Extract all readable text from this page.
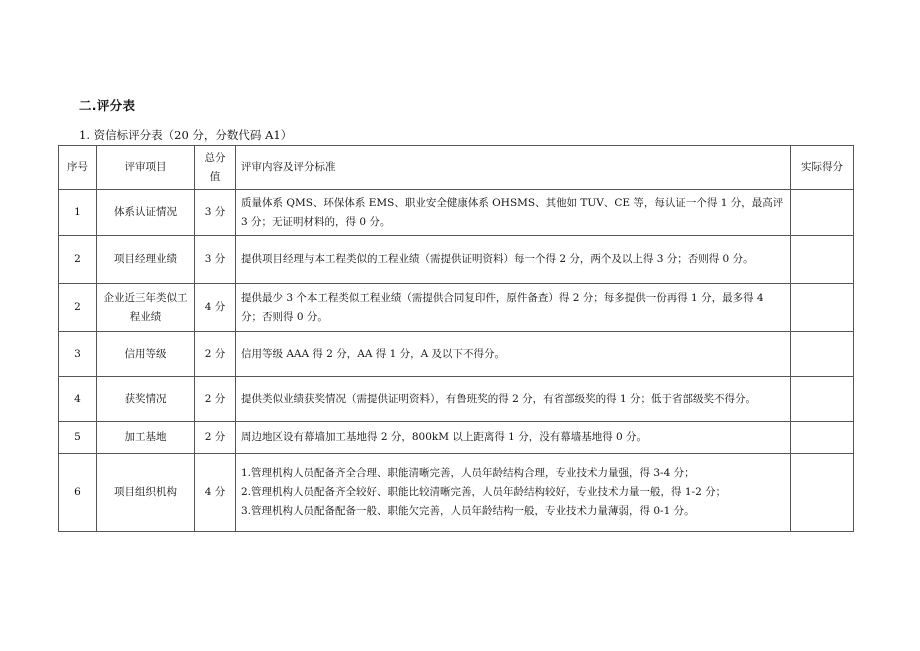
二.评分表
1. 资信标评分表（20 分，分数代码 A1）
序号	评审项目	总分值	评审内容及评分标准	实际得分
1	体系认证情况	3 分	质量体系 QMS、环保体系 EMS、职业安全健康体系 OHSMS、其他如 TUV、CE 等，每认证一个得 1 分，最高评 3 分；无证明材料的，得 0 分。	
2	项目经理业绩	3 分	提供项目经理与本工程类似的工程业绩（需提供证明资料）每一个得 2 分，两个及以上得 3 分；否则得 0 分。	
2	企业近三年类似工程业绩	4 分	提供最少 3 个本工程类似工程业绩（需提供合同复印件，原件备查）得 2 分；每多提供一份再得 1 分，最多得 4 分；否则得 0 分。	
3	信用等级	2 分	信用等级 AAA 得 2 分，AA 得 1 分，A 及以下不得分。	
4	获奖情况	2 分	提供类似业绩获奖情况（需提供证明资料），有鲁班奖的得 2 分，有省部级奖的得 1 分；低于省部级奖不得分。	
5	加工基地	2 分	周边地区设有幕墙加工基地得 2 分，800kM 以上距离得 1 分，没有幕墙基地得 0 分。	
6	项目组织机构	4 分	1.管理机构人员配备齐全合理、职能清晰完善，人员年龄结构合理，专业技术力量强，得 3-4 分；
2.管理机构人员配备齐全较好、职能比较清晰完善，人员年龄结构较好，专业技术力量一般，得 1-2 分；
3.管理机构人员配备配备一般、职能欠完善，人员年龄结构一般，专业技术力量薄弱，得 0-1 分。	
